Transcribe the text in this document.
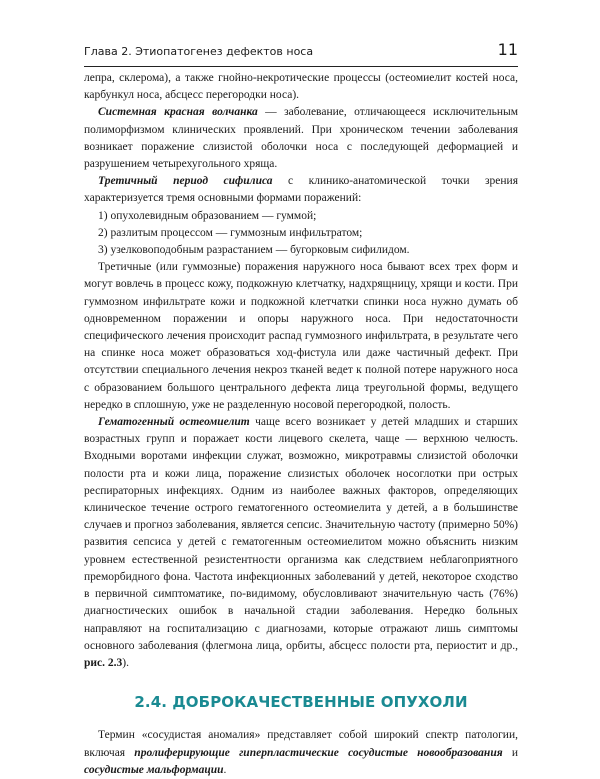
Глава 2. Этиопатогенез дефектов носа	11

лепра, склерома), а также гнойно-некротические процессы (остеомиелит костей носа, карбункул носа, абсцесс перегородки носа).

Системная красная волчанка — заболевание, отличающееся исключительным полиморфизмом клинических проявлений. При хроническом течении заболевания возникает поражение слизистой оболочки носа с последующей деформацией и разрушением четырехугольного хряща.

Третичный период сифилиса с клинико-анатомической точки зрения характеризуется тремя основными формами поражений:

1) опухолевидным образованием — гуммой;

2) разлитым процессом — гуммозным инфильтратом;

3) узелковоподобным разрастанием — бугорковым сифилидом.

Третичные (или гуммозные) поражения наружного носа бывают всех трех форм и могут вовлечь в процесс кожу, подкожную клетчатку, надхрящницу, хрящи и кости. При гуммозном инфильтрате кожи и подкожной клетчатки спинки носа нужно думать об одновременном поражении и опоры наружного носа. При недостаточности специфического лечения происходит распад гуммозного инфильтрата, в результате чего на спинке носа может образоваться ход-фистула или даже частичный дефект. При отсутствии специального лечения некроз тканей ведет к полной потере наружного носа с образованием большого центрального дефекта лица треугольной формы, ведущего нередко в сплошную, уже не разделенную носовой перегородкой, полость.

Гематогенный остеомиелит чаще всего возникает у детей младших и старших возрастных групп и поражает кости лицевого скелета, чаще — верхнюю челюсть. Входными воротами инфекции служат, возможно, микротравмы слизистой оболочки полости рта и кожи лица, поражение слизистых оболочек носоглотки при острых респираторных инфекциях. Одним из наиболее важных факторов, определяющих клиническое течение острого гематогенного остеомиелита у детей, а в большинстве случаев и прогноз заболевания, является сепсис. Значительную частоту (примерно 50%) развития сепсиса у детей с гематогенным остеомиелитом можно объяснить низким уровнем естественной резистентности организма как следствием неблагоприятного преморбидного фона. Частота инфекционных заболеваний у детей, некоторое сходство в первичной симптоматике, по-видимому, обусловливают значительную часть (76%) диагностических ошибок в начальной стадии заболевания. Нередко больных направляют на госпитализацию с диагнозами, которые отражают лишь симптомы основного заболевания (флегмона лица, орбиты, абсцесс полости рта, периостит и др., рис. 2.3).

2.4. ДОБРОКАЧЕСТВЕННЫЕ ОПУХОЛИ

Термин «сосудистая аномалия» представляет собой широкий спектр патологии, включая пролиферирующие гиперпластические сосудистые новообразования и сосудистые мальформации.
